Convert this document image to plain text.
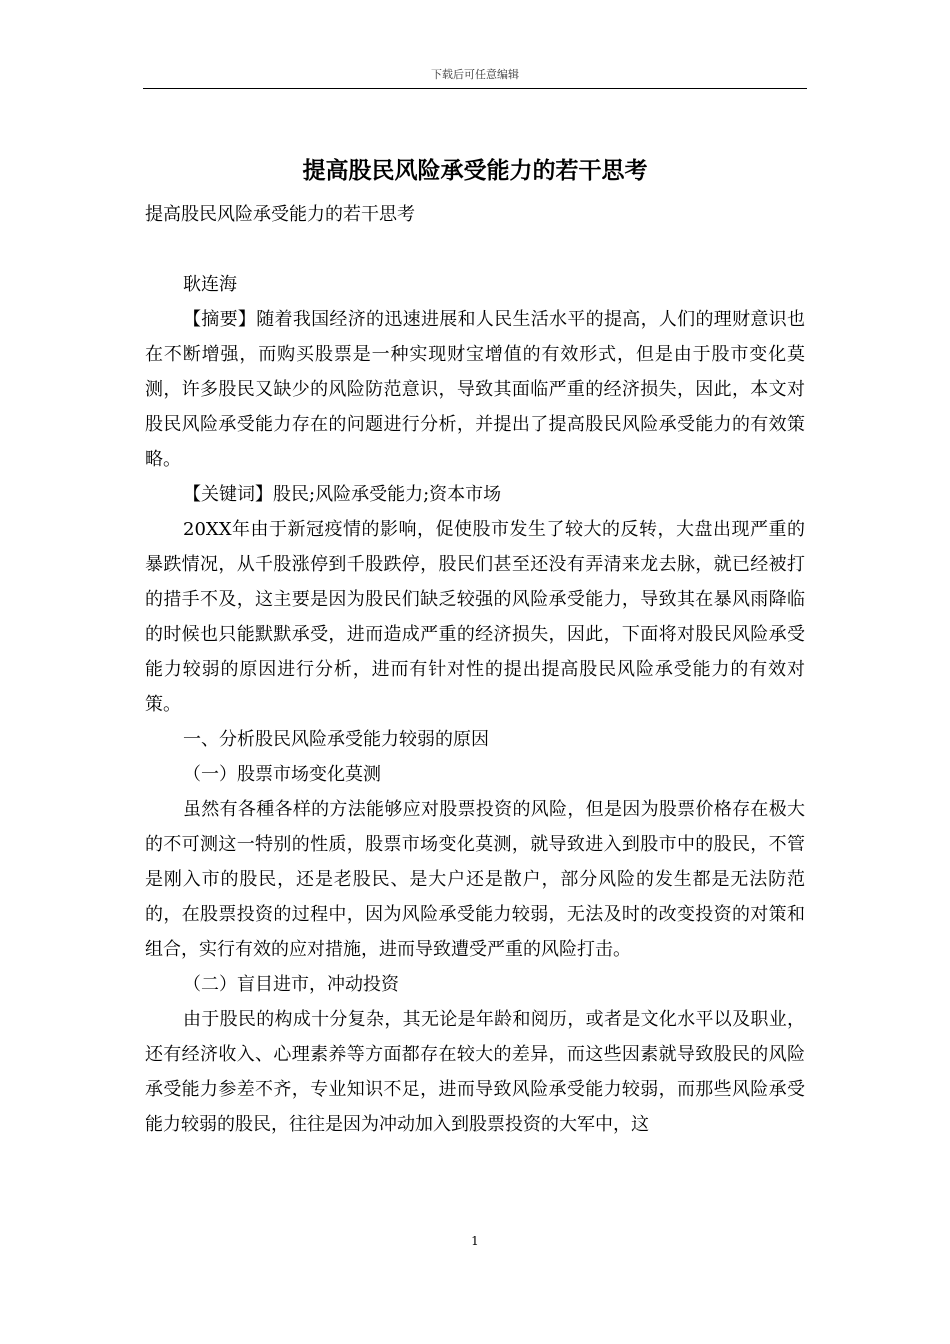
下载后可任意编辑
提高股民风险承受能力的若干思考

提高股民风险承受能力的若干思考

耿连海

【摘要】随着我国经济的迅速进展和人民生活水平的提高，人们的理财意识也在不断增强，而购买股票是一种实现财宝增值的有效形式，但是由于股市变化莫测，许多股民又缺少的风险防范意识，导致其面临严重的经济损失，因此，本文对股民风险承受能力存在的问题进行分析，并提出了提高股民风险承受能力的有效策略。

【关键词】股民;风险承受能力;资本市场

20XX年由于新冠疫情的影响，促使股市发生了较大的反转，大盘出现严重的暴跌情况，从千股涨停到千股跌停，股民们甚至还没有弄清来龙去脉，就已经被打的措手不及，这主要是因为股民们缺乏较强的风险承受能力，导致其在暴风雨降临的时候也只能默默承受，进而造成严重的经济损失，因此，下面将对股民风险承受能力较弱的原因进行分析，进而有针对性的提出提高股民风险承受能力的有效对策。

一、分析股民风险承受能力较弱的原因

（一）股票市场变化莫测

虽然有各種各样的方法能够应对股票投资的风险，但是因为股票价格存在极大的不可测这一特别的性质，股票市场变化莫测，就导致进入到股市中的股民，不管是刚入市的股民，还是老股民、是大户还是散户，部分风险的发生都是无法防范的，在股票投资的过程中，因为风险承受能力较弱，无法及时的改变投资的对策和组合，实行有效的应对措施，进而导致遭受严重的风险打击。

（二）盲目进市，冲动投资

由于股民的构成十分复杂，其无论是年龄和阅历，或者是文化水平以及职业，还有经济收入、心理素养等方面都存在较大的差异，而这些因素就导致股民的风险承受能力参差不齐，专业知识不足，进而导致风险承受能力较弱，而那些风险承受能力较弱的股民，往往是因为冲动加入到股票投资的大军中，这

1
